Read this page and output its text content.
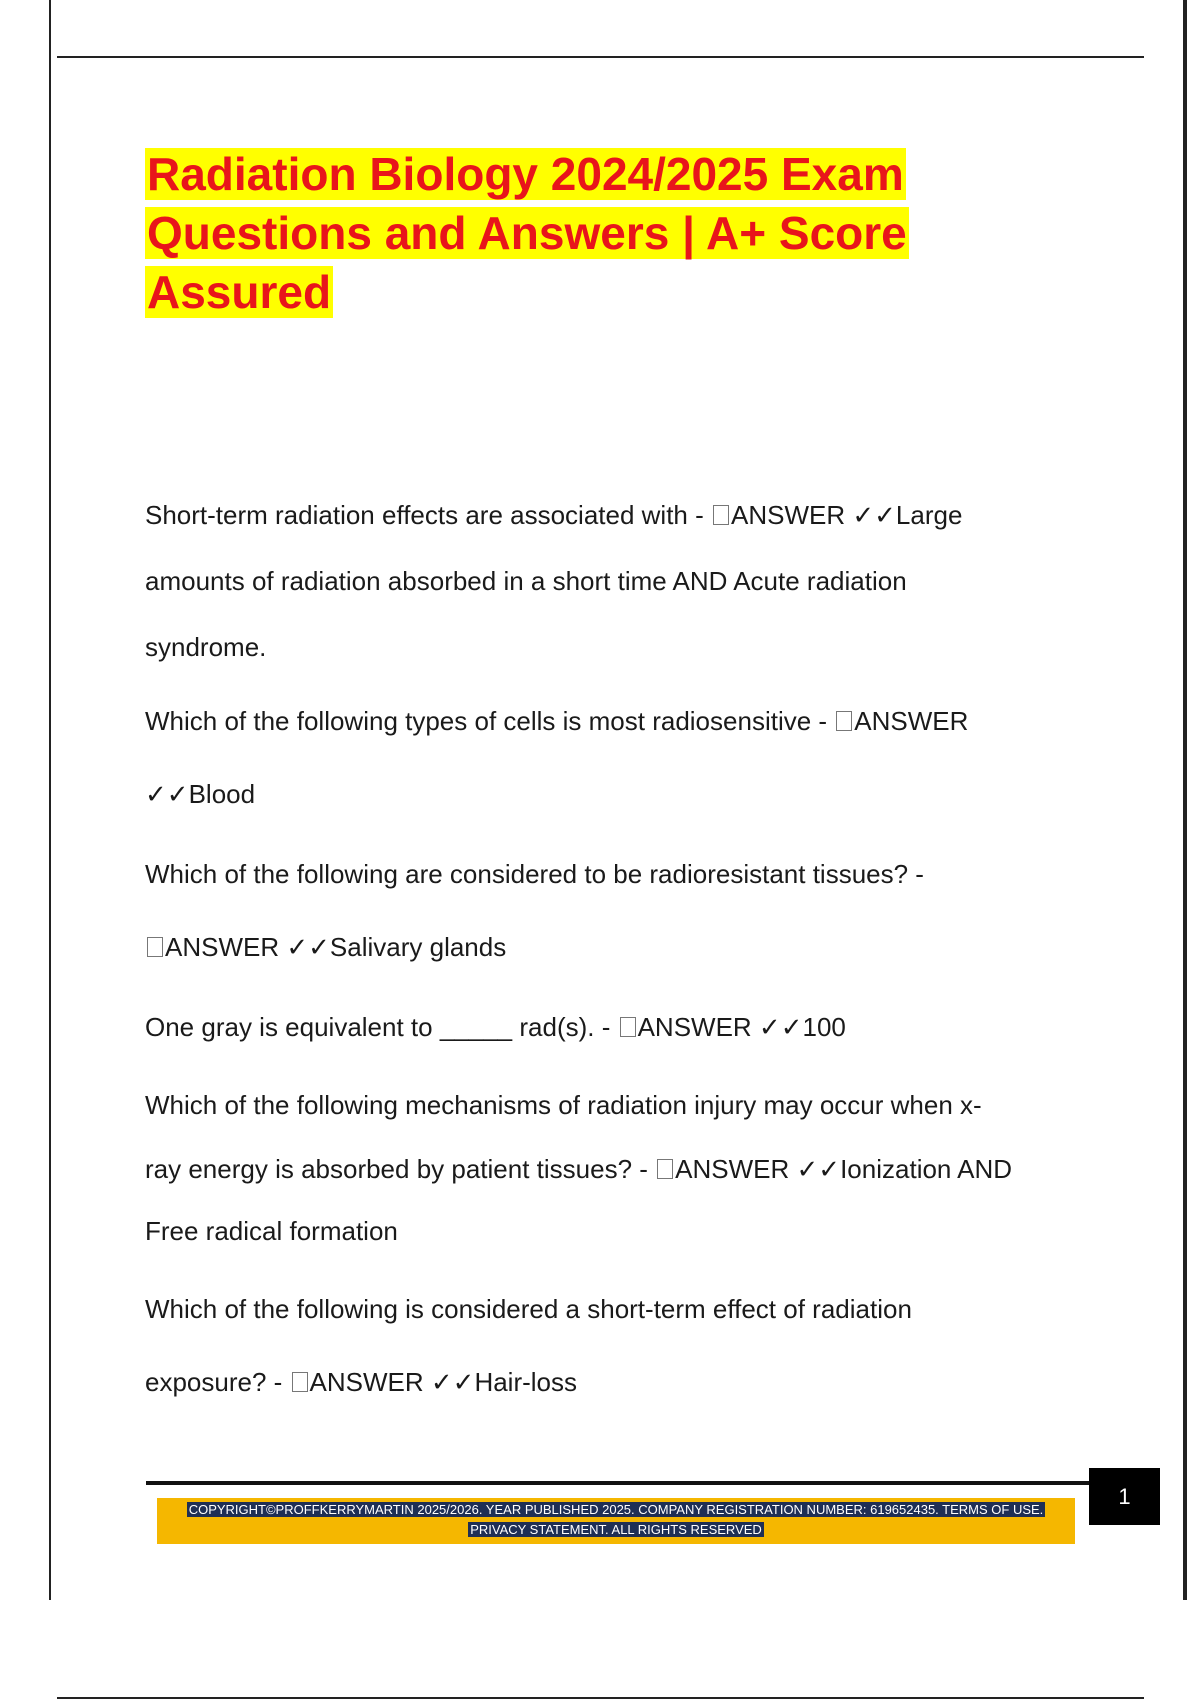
Radiation Biology 2024/2025 Exam
Questions and Answers | A+ Score
Assured

Short-term radiation effects are associated with - ANSWER ✓✓Large
amounts of radiation absorbed in a short time AND Acute radiation
syndrome.

Which of the following types of cells is most radiosensitive - ANSWER
✓✓Blood

Which of the following are considered to be radioresistant tissues? -
ANSWER ✓✓Salivary glands

One gray is equivalent to _____ rad(s). - ANSWER ✓✓100

Which of the following mechanisms of radiation injury may occur when x-
ray energy is absorbed by patient tissues? - ANSWER ✓✓Ionization AND
Free radical formation

Which of the following is considered a short-term effect of radiation
exposure? - ANSWER ✓✓Hair-loss

1
COPYRIGHT©PROFFKERRYMARTIN 2025/2026. YEAR PUBLISHED 2025. COMPANY REGISTRATION NUMBER: 619652435. TERMS OF USE.
PRIVACY STATEMENT. ALL RIGHTS RESERVED
